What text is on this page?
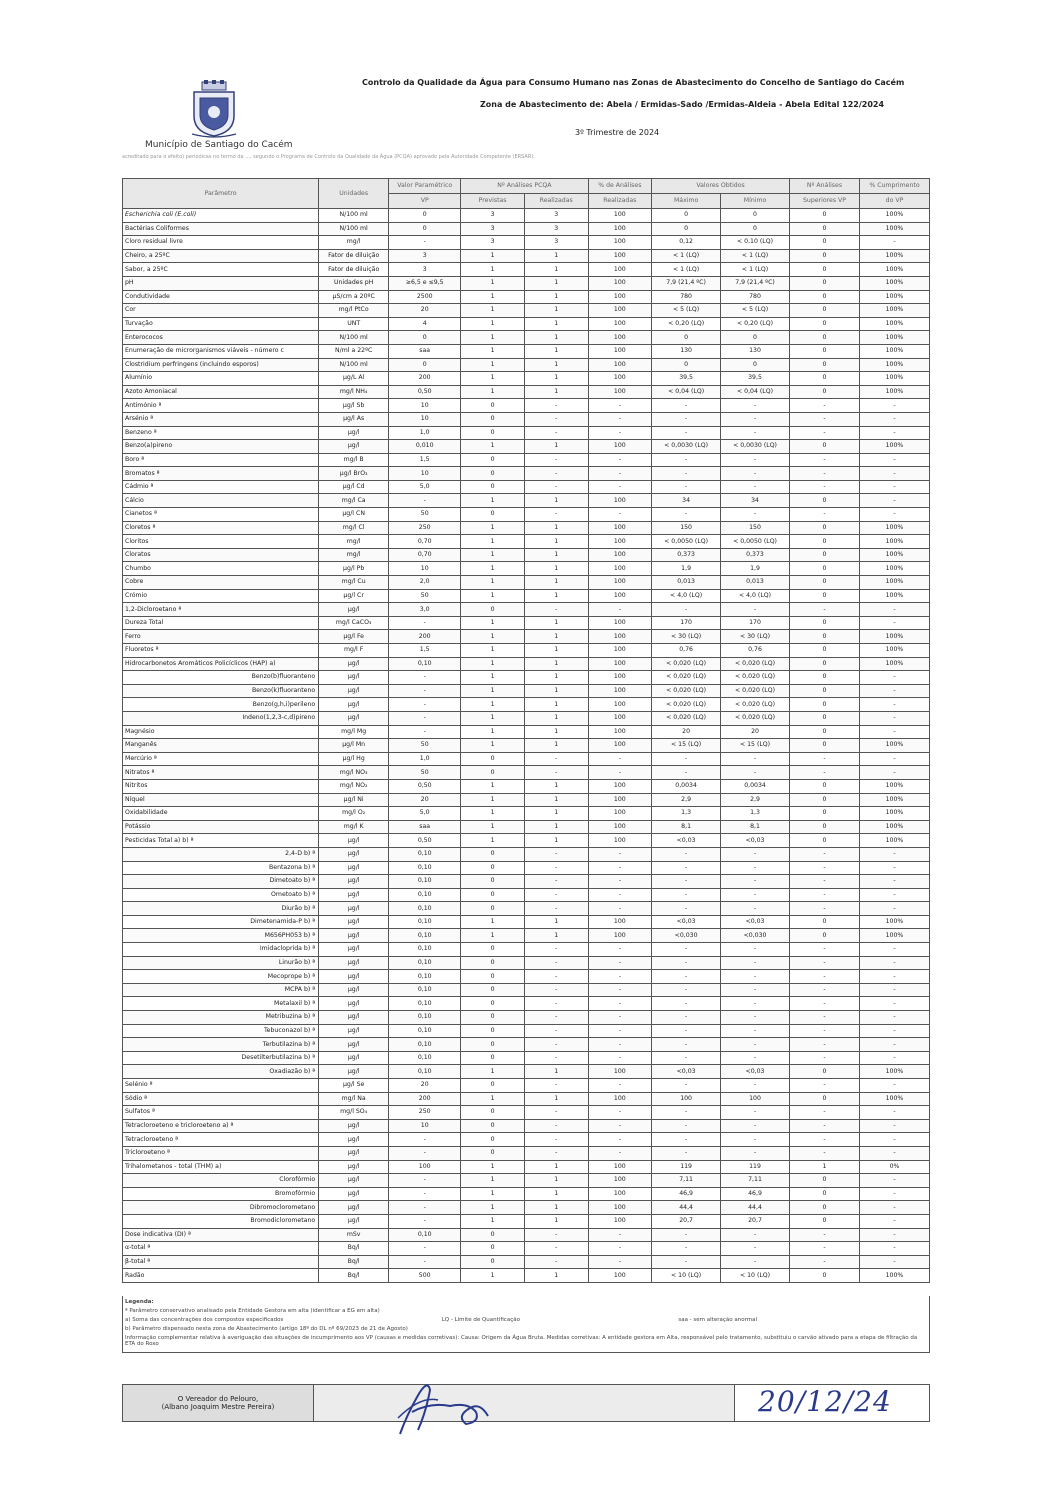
Município de Santiago do Cacém
Controlo da Qualidade da Água para Consumo Humano nas Zonas de Abastecimento do Concelho de Santiago do Cacém
Zona de Abastecimento de: Abela / Ermidas-Sado /Ermidas-Aldeia - Abela Edital 122/2024
3º Trimestre de 2024
acreditado para o efeito) periódicas no termo da ..., segundo o Programa de Controlo da Qualidade da Água (PCQA) aprovado pela Autoridade Competente (ERSAR).
Parâmetro	Unidades	Valor Paramétrico	Nº Análises PCQA		% de Análises	Valores Obtidos		Nº Análises	% Cumprimento
		VP	Previstas	Realizadas	Realizadas	Máximo	Mínimo	Superiores VP	do VP
Escherichia coli (E.coli)	N/100 ml	0	3	3	100	0	0	0	100%
Bactérias Coliformes	N/100 ml	0	3	3	100	0	0	0	100%
Cloro residual livre	mg/l	-	3	3	100	0,12	< 0,10 (LQ)	0	-
Cheiro, a 25ºC	Fator de diluição	3	1	1	100	< 1 (LQ)	< 1 (LQ)	0	100%
Sabor, a 25ºC	Fator de diluição	3	1	1	100	< 1 (LQ)	< 1 (LQ)	0	100%
pH	Unidades pH	≥6,5 e ≤9,5	1	1	100	7,9 (21,4 ºC)	7,9 (21,4 ºC)	0	100%
Condutividade	µS/cm a 20ºC	2500	1	1	100	780	780	0	100%
Cor	mg/l PtCo	20	1	1	100	< 5 (LQ)	< 5 (LQ)	0	100%
Turvação	UNT	4	1	1	100	< 0,20 (LQ)	< 0,20 (LQ)	0	100%
Enterococos	N/100 ml	0	1	1	100	0	0	0	100%
Enumeração de microrganismos viáveis - número c	N/ml a 22ºC	saa	1	1	100	130	130	0	100%
Clostridium perfringens (incluindo esporos)	N/100 ml	0	1	1	100	0	0	0	100%
Alumínio	µg/L Al	200	1	1	100	39,5	39,5	0	100%
Azoto Amoniacal	mg/l NH₄	0,50	1	1	100	< 0,04 (LQ)	< 0,04 (LQ)	0	100%
Antimónio ª	µg/l Sb	10	0	-	-	-	-	-	-
Arsénio ª	µg/l As	10	0	-	-	-	-	-	-
Benzeno ª	µg/l	1,0	0	-	-	-	-	-	-
Benzo(a)pireno	µg/l	0,010	1	1	100	< 0,0030 (LQ)	< 0,0030 (LQ)	0	100%
Boro ª	mg/l B	1,5	0	-	-	-	-	-	-
Bromatos ª	µg/l BrO₃	10	0	-	-	-	-	-	-
Cádmio ª	µg/l Cd	5,0	0	-	-	-	-	-	-
Cálcio	mg/l Ca	-	1	1	100	34	34	0	-
Cianetos ª	µg/l CN	50	0	-	-	-	-	-	-
Cloretos ª	mg/l Cl	250	1	1	100	150	150	0	100%
Cloritos	mg/l	0,70	1	1	100	< 0,0050 (LQ)	< 0,0050 (LQ)	0	100%
Cloratos	mg/l	0,70	1	1	100	0,373	0,373	0	100%
Chumbo	µg/l Pb	10	1	1	100	1,9	1,9	0	100%
Cobre	mg/l Cu	2,0	1	1	100	0,013	0,013	0	100%
Crómio	µg/l Cr	50	1	1	100	< 4,0 (LQ)	< 4,0 (LQ)	0	100%
1,2-Dicloroetano ª	µg/l	3,0	0	-	-	-	-	-	-
Dureza Total	mg/l CaCO₃	-	1	1	100	170	170	0	-
Ferro	µg/l Fe	200	1	1	100	< 30 (LQ)	< 30 (LQ)	0	100%
Fluoretos ª	mg/l F	1,5	1	1	100	0,76	0,76	0	100%
Hidrocarbonetos Aromáticos Policíclicos (HAP) a)	µg/l	0,10	1	1	100	< 0,020 (LQ)	< 0,020 (LQ)	0	100%
Benzo(b)fluoranteno	µg/l	-	1	1	100	< 0,020 (LQ)	< 0,020 (LQ)	0	-
Benzo(k)fluoranteno	µg/l	-	1	1	100	< 0,020 (LQ)	< 0,020 (LQ)	0	-
Benzo(g,h,i)perileno	µg/l	-	1	1	100	< 0,020 (LQ)	< 0,020 (LQ)	0	-
Indeno(1,2,3-c,d)pireno	µg/l	-	1	1	100	< 0,020 (LQ)	< 0,020 (LQ)	0	-
Magnésio	mg/l Mg	-	1	1	100	20	20	0	-
Manganês	µg/l Mn	50	1	1	100	< 15 (LQ)	< 15 (LQ)	0	100%
Mercúrio ª	µg/l Hg	1,0	0	-	-	-	-	-	-
Nitratos ª	mg/l NO₃	50	0	-	-	-	-	-	-
Nitritos	mg/l NO₂	0,50	1	1	100	0,0034	0,0034	0	100%
Níquel	µg/l Ni	20	1	1	100	2,9	2,9	0	100%
Oxidabilidade	mg/l O₂	5,0	1	1	100	1,3	1,3	0	100%
Potássio	mg/l K	saa	1	1	100	8,1	8,1	0	100%
Pesticidas Total a) b) ª	µg/l	0,50	1	1	100	<0,03	<0,03	0	100%
2,4-D b) ª	µg/l	0,10	0	-	-	-	-	-	-
Bentazona b) ª	µg/l	0,10	0	-	-	-	-	-	-
Dimetoato b) ª	µg/l	0,10	0	-	-	-	-	-	-
Ometoato b) ª	µg/l	0,10	0	-	-	-	-	-	-
Diurão b) ª	µg/l	0,10	0	-	-	-	-	-	-
Dimetenamida-P b) ª	µg/l	0,10	1	1	100	<0,03	<0,03	0	100%
M656PH053 b) ª	µg/l	0,10	1	1	100	<0,030	<0,030	0	100%
Imidacloprida b) ª	µg/l	0,10	0	-	-	-	-	-	-
Linurão b) ª	µg/l	0,10	0	-	-	-	-	-	-
Mecoprope b) ª	µg/l	0,10	0	-	-	-	-	-	-
MCPA b) ª	µg/l	0,10	0	-	-	-	-	-	-
Metalaxil b) ª	µg/l	0,10	0	-	-	-	-	-	-
Metribuzina b) ª	µg/l	0,10	0	-	-	-	-	-	-
Tebuconazol b) ª	µg/l	0,10	0	-	-	-	-	-	-
Terbutilazina b) ª	µg/l	0,10	0	-	-	-	-	-	-
Desetilterbutilazina b) ª	µg/l	0,10	0	-	-	-	-	-	-
Oxadiazão b) ª	µg/l	0,10	1	1	100	<0,03	<0,03	0	100%
Selénio ª	µg/l Se	20	0	-	-	-	-	-	-
Sódio ª	mg/l Na	200	1	1	100	100	100	0	100%
Sulfatos ª	mg/l SO₄	250	0	-	-	-	-	-	-
Tetracloroeteno e tricloroeteno a) ª	µg/l	10	0	-	-	-	-	-	-
Tetracloroeteno ª	µg/l	-	0	-	-	-	-	-	-
Tricloroeteno ª	µg/l	-	0	-	-	-	-	-	-
Trihalometanos - total (THM) a)	µg/l	100	1	1	100	119	119	1	0%
Clorofórmio	µg/l	-	1	1	100	7,11	7,11	0	-
Bromofórmio	µg/l	-	1	1	100	46,9	46,9	0	-
Dibromoclorometano	µg/l	-	1	1	100	44,4	44,4	0	-
Bromodiclorometano	µg/l	-	1	1	100	20,7	20,7	0	-
Dose indicativa (DI) ª	mSv	0,10	0	-	-	-	-	-	-
α-total ª	Bq/l	-	0	-	-	-	-	-	-
β-total ª	Bq/l	-	0	-	-	-	-	-	-
Radão	Bq/l	500	1	1	100	< 10 (LQ)	< 10 (LQ)	0	100%
Legenda:
ª Parâmetro conservativo analisado pela Entidade Gestora em alta (identificar a EG em alta)
a) Soma das concentrações dos compostos especificados	LQ - Limite de Quantificação	saa - sem alteração anormal
b) Parâmetro dispensado nesta zona de Abastecimento (artigo 18º do DL nº 69/2023 de 21 de Agosto)
Informação complementar relativa à averiguação das situações de incumprimento aos VP (causas e medidas corretivas): Causa: Origem da Água Bruta. Medidas corretivas: A entidade gestora em Alta, responsável pelo tratamento, substituiu o carvão ativado para a etapa de filtração da ETA do Roxo
O Vereador do Pelouro,
(Albano Joaquim Mestre Pereira)	20/12/24
